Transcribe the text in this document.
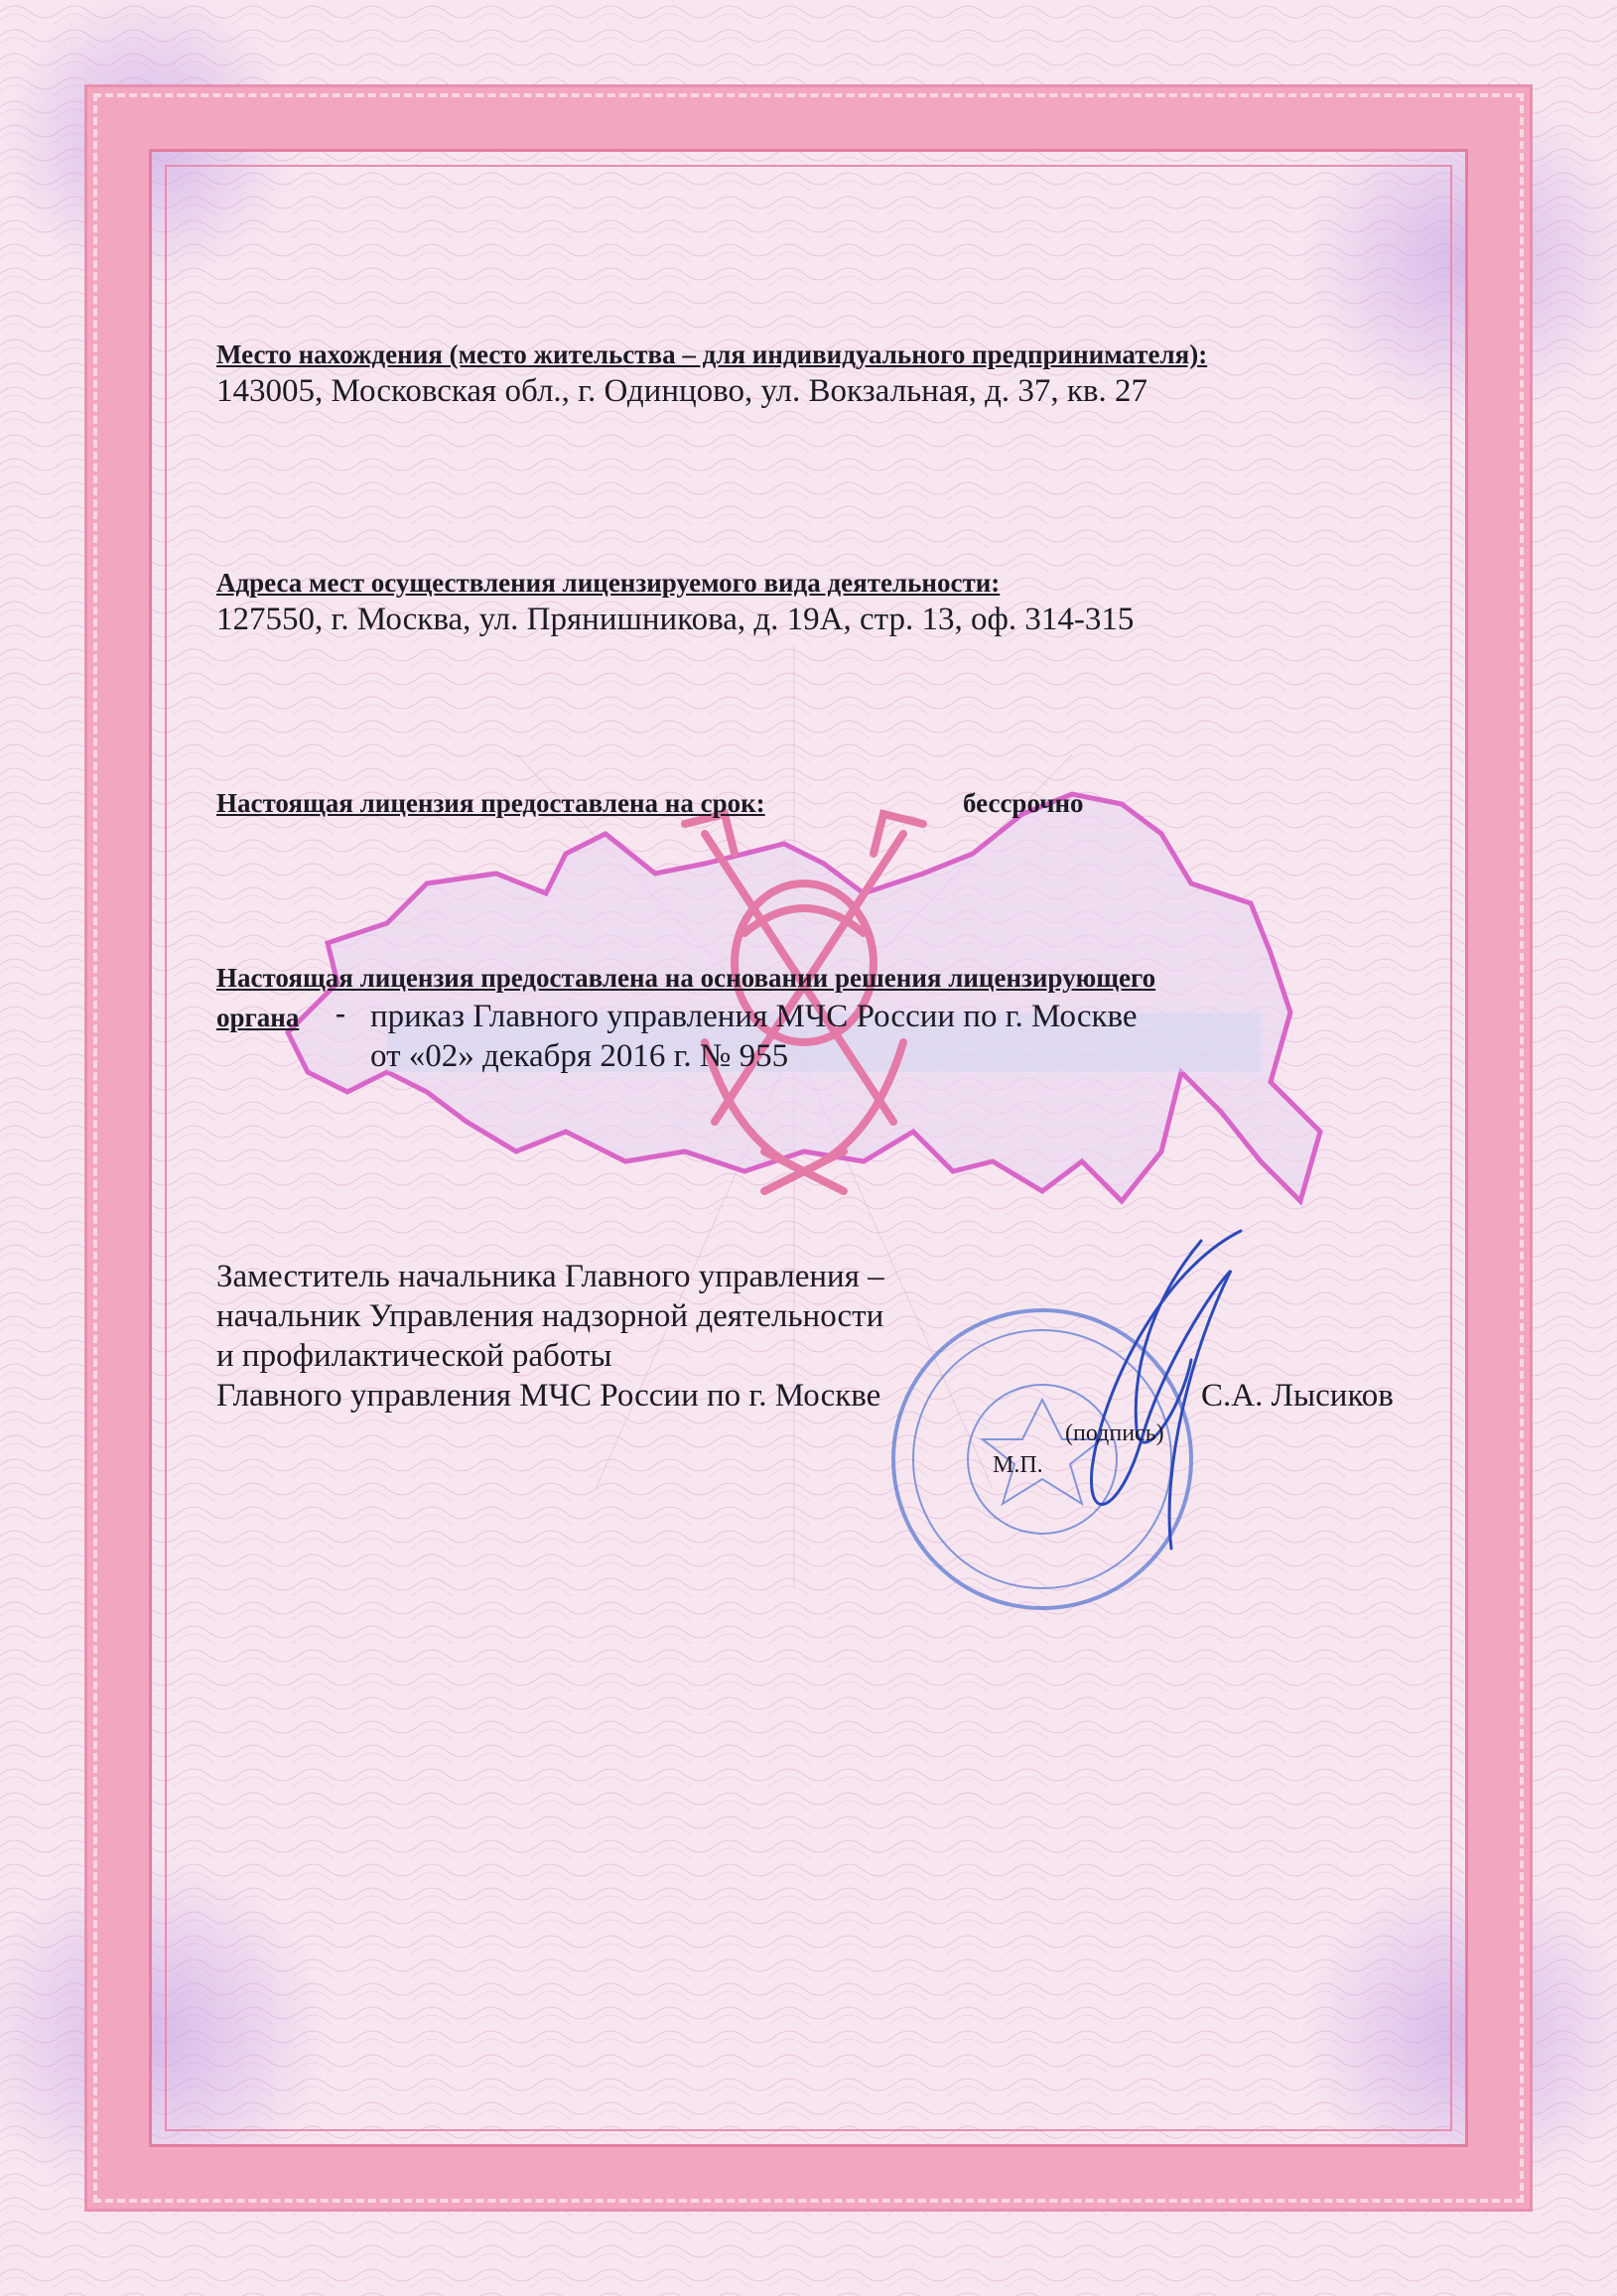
Место нахождения (место жительства – для индивидуального предпринимателя):
143005, Московская обл., г. Одинцово, ул. Вокзальная, д. 37, кв. 27
Адреса мест осуществления лицензируемого вида деятельности:
127550, г. Москва, ул. Прянишникова, д. 19А, стр. 13, оф. 314-315
Настоящая лицензия предоставлена на срок:	бессрочно
Настоящая лицензия предоставлена на основании решения лицензирующего
органа - приказ Главного управления МЧС России по г. Москве
от «02» декабря 2016 г. № 955
Заместитель начальника Главного управления –
начальник Управления надзорной деятельности
и профилактической работы
Главного управления МЧС России по г. Москве	С.А. Лысиков
(подпись)
М.П.
